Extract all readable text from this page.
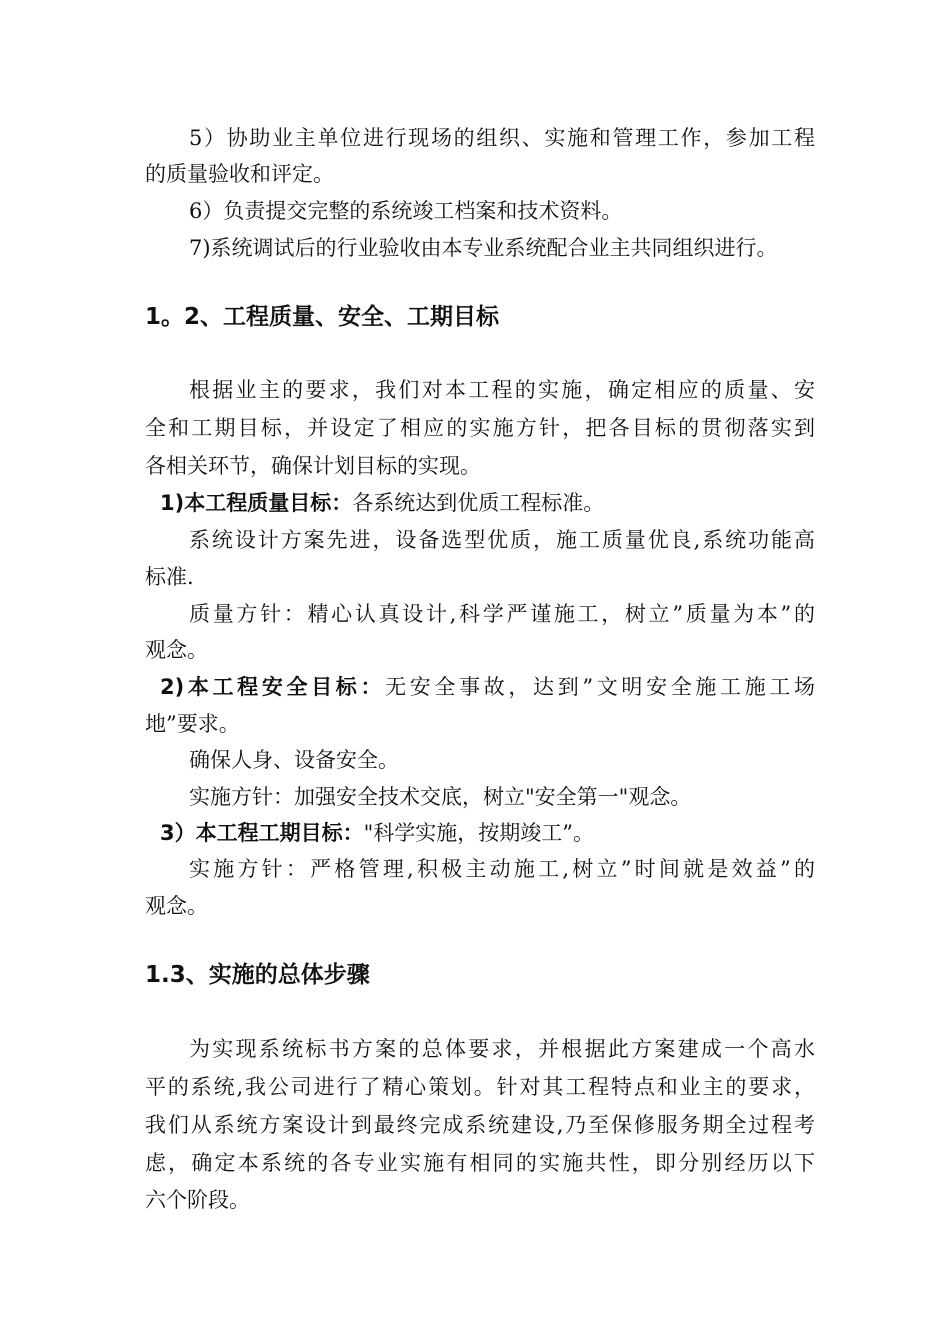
5）协助业主单位进行现场的组织、实施和管理工作，参加工程
的质量验收和评定。
6）负责提交完整的系统竣工档案和技术资料。
7)系统调试后的行业验收由本专业系统配合业主共同组织进行。
1。2、工程质量、安全、工期目标
根据业主的要求，我们对本工程的实施，确定相应的质量、安
全和工期目标，并设定了相应的实施方针，把各目标的贯彻落实到
各相关环节，确保计划目标的实现。
1)本工程质量目标：各系统达到优质工程标准。
系统设计方案先进，设备选型优质，施工质量优良,系统功能高
标准.
质量方针：精心认真设计,科学严谨施工，树立”质量为本”的
观念。
2)本工程安全目标：无安全事故，达到”文明安全施工施工场
地”要求。
确保人身、设备安全。
实施方针：加强安全技术交底，树立"安全第一"观念。
3）本工程工期目标："科学实施，按期竣工”。
实施方针：严格管理,积极主动施工,树立”时间就是效益”的
观念。
1.3、实施的总体步骤
为实现系统标书方案的总体要求，并根据此方案建成一个高水
平的系统,我公司进行了精心策划。针对其工程特点和业主的要求，
我们从系统方案设计到最终完成系统建设,乃至保修服务期全过程考
虑，确定本系统的各专业实施有相同的实施共性，即分别经历以下
六个阶段。
